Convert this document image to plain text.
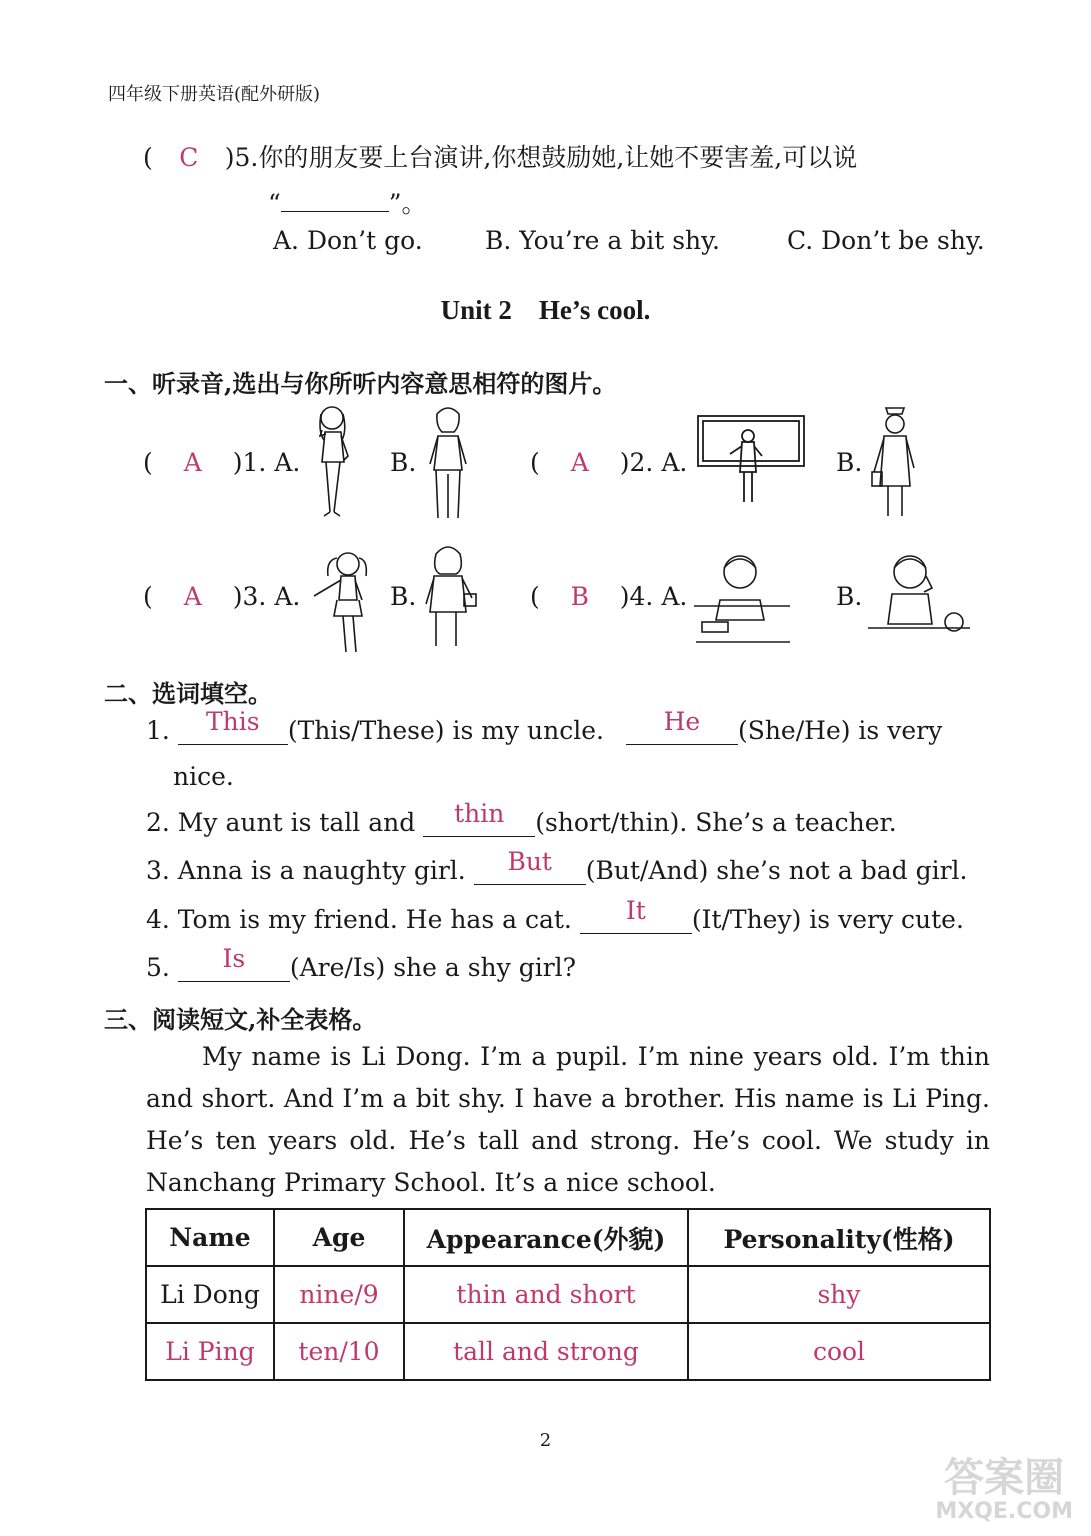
四年级下册英语(配外研版)
( C )5.你的朋友要上台演讲,你想鼓励她,让她不要害羞,可以说
“	”。
A. Don’t go. B. You’re a bit shy.	C. Don’t be shy.
Unit 2　He’s cool.
一、听录音,选出与你所听内容意思相符的图片。
( A )1. A.	B.	( A )2. A.	B.
( A )3. A.	B.	( B )4. A.	B.
二、选词填空。
1.	This	(This/These) is my uncle.	He	(She/He) is very
nice.
2. My aunt is tall and	thin	(short/thin). She’s a teacher.
3. Anna is a naughty girl.	But	(But/And) she’s not a bad girl.
4. Tom is my friend. He has a cat.	It	(It/They) is very cute.
5.	Is	(Are/Is) she a shy girl?
三、阅读短文,补全表格。

My name is Li Dong. I’m a pupil. I’m nine years old. I’m thin and short. And I’m a bit shy. I have a brother. His name is Li Ping. He’s ten years old. He’s tall and strong. He’s cool. We study in Nanchang Primary School. It’s a nice school.

Name	Age	Appearance(外貌)	Personality(性格)
Li Dong	nine/9	thin and short	shy
Li Ping	ten/10	tall and strong	cool
2
答案圈
MXQE.COM
